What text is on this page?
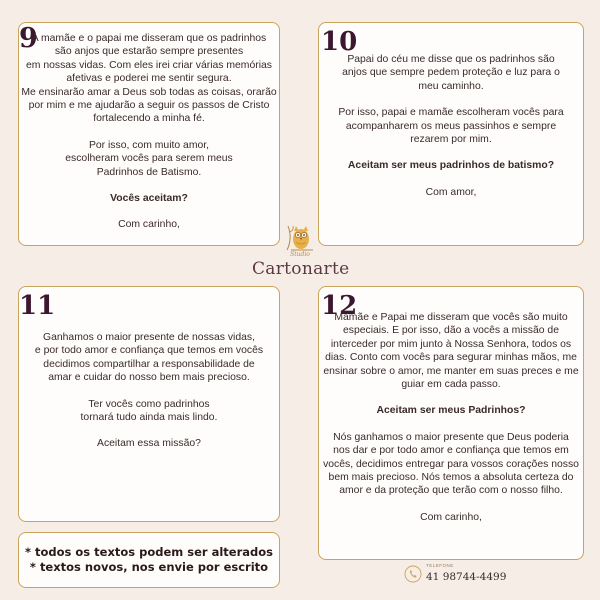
9

A mamãe e o papai me disseram que os padrinhos

são anjos que estarão sempre presentes

em nossas vidas. Com eles irei criar várias memórias

afetivas e poderei me sentir segura.

Me ensinarão amar a Deus sob todas as coisas, orarão

por mim e me ajudarão a seguir os passos de Cristo

fortalecendo a minha fé.

Por isso, com muito amor,

escolheram vocês para serem meus

Padrinhos de Batismo.

Vocês aceitam?

Com carinho,

10

Papai do céu me disse que os padrinhos são

anjos que sempre pedem proteção e luz para o

meu caminho.

Por isso, papai e mamãe escolheram vocês para

acompanharem os meus passinhos e sempre

rezarem por mim.

Aceitam ser meus padrinhos de batismo?

Com amor,

Studio
Cartonarte
11

Ganhamos o maior presente de nossas vidas,

e por todo amor e confiança que temos em vocês

decidimos compartilhar a responsabilidade de

amar e cuidar do nosso bem mais precioso.

Ter vocês como padrinhos

tornará tudo ainda mais lindo.

Aceitam essa missão?

12

Mamãe e Papai me disseram que vocês são muito

especiais. E por isso, dão a vocês a missão de

interceder por mim junto à Nossa Senhora, todos os

dias. Conto com vocês para segurar minhas mãos, me

ensinar sobre o amor, me manter em suas preces e me

guiar em cada passo.

Aceitam ser meus Padrinhos?

Nós ganhamos o maior presente que Deus poderia

nos dar e por todo amor e confiança que temos em

vocês, decidimos entregar para vossos corações nosso

bem mais precioso. Nós temos a absoluta certeza do

amor e da proteção que terão com o nosso filho.

Com carinho,

* todos os textos podem ser alterados

* textos novos, nos envie por escrito	TELEFONE
41 98744-4499
